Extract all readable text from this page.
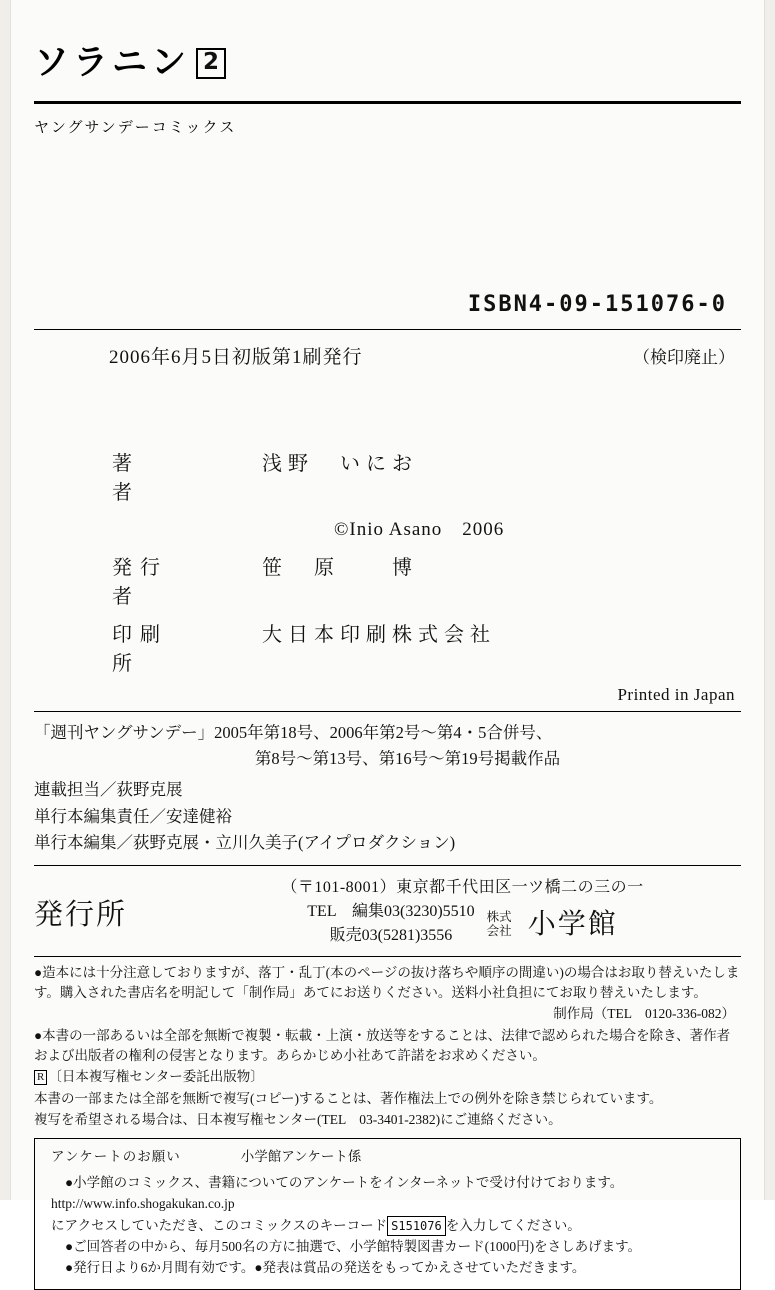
ソラニン 2
ヤングサンデーコミックス
ISBN4-09-151076-0
2006年6月5日初版第1刷発行	（検印廃止）
著　者
浅野　いにお
©Inio Asano　2006
発行者
笹　原　　博
印刷所
大日本印刷株式会社
Printed in Japan
「週刊ヤングサンデー」2005年第18号、2006年第2号〜第4・5合併号、
第8号〜第13号、第16号〜第19号掲載作品
連載担当／荻野克展
単行本編集責任／安達健裕
単行本編集／荻野克展・立川久美子(アイプロダクション)
発行所
（〒101-8001）東京都千代田区一ツ橋二の三の一
TEL　編集03(3230)5510
販売03(5281)3556
株式
会社 小学館

●造本には十分注意しておりますが、落丁・乱丁(本のページの抜け落ちや順序の間違い)の場合はお取り替えいたします。購入された書店名を明記して「制作局」あてにお送りください。送料小社負担にてお取り替えいたします。

制作局（TEL　0120-336-082）

●本書の一部あるいは全部を無断で複製・転載・上演・放送等をすることは、法律で認められた場合を除き、著作者および出版者の権利の侵害となります。あらかじめ小社あて許諾をお求めください。

R 〔日本複写権センター委託出版物〕

本書の一部または全部を無断で複写(コピー)することは、著作権法上での例外を除き禁じられています。

複写を希望される場合は、日本複写権センター(TEL　03-3401-2382)にご連絡ください。

アンケートのお願い	小学館アンケート係

●小学館のコミックス、書籍についてのアンケートをインターネットで受け付けております。

http://www.info.shogakukan.co.jp

にアクセスしていただき、このコミックスのキーコード S151076 を入力してください。

●ご回答者の中から、毎月500名の方に抽選で、小学館特製図書カード(1000円)をさしあげます。

●発行日より6か月間有効です。 ●発表は賞品の発送をもってかえさせていただきます。
